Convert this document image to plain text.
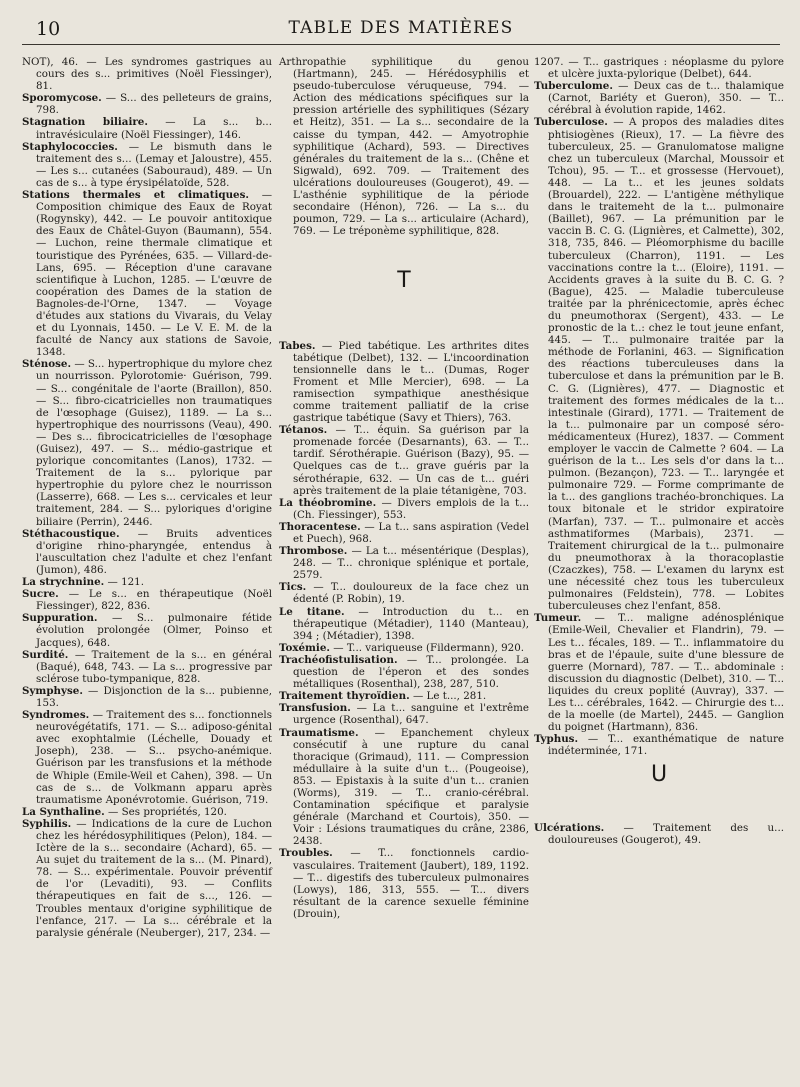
10	TABLE DES MATIÈRES

NOT), 46. — Les syndromes gastriques au cours des s... primitives (Noël Fiessinger), 81.

Sporomycose. — S... des pelleteurs de grains, 798.

Stagnation biliaire. — La s... b... intravésiculaire (Noël Fiessinger), 146.

Staphylococcies. — Le bismuth dans le traitement des s... (Lemay et Jaloustre), 455. — Les s... cutanées (Sabouraud), 489. — Un cas de s... à type érysipélatoïde, 528.

Stations thermales et climatiques. — Composition chimique des Eaux de Royat (Rogynsky), 442. — Le pouvoir antitoxique des Eaux de Châtel-Guyon (Baumann), 554. — Luchon, reine thermale climatique et touristique des Pyrénées, 635. — Villard-de-Lans, 695. — Réception d'une caravane scientifique à Luchon, 1285. — L'œuvre de coopération des Dames de la station de Bagnoles-de-l'Orne, 1347. — Voyage d'études aux stations du Vivarais, du Velay et du Lyonnais, 1450. — Le V. E. M. de la faculté de Nancy aux stations de Savoie, 1348.

Sténose. — S... hypertrophique du mylore chez un nourrisson. Pylorotomie· Guérison, 799. — S... congénitale de l'aorte (Braillon), 850. — S... fibro-cicatricielles non traumatiques de l'œsophage (Guisez), 1189. — La s... hypertrophique des nourrissons (Veau), 490. — Des s... fibrocicatricielles de l'œsophage (Guisez), 497. — S... médio-gastrique et pylorique concomitantes (Lanos), 1732. — Traitement de la s... pylorique par hypertrophie du pylore chez le nourrisson (Lasserre), 668. — Les s... cervicales et leur traitement, 284. — S... pyloriques d'origine biliaire (Perrin), 2446.

Stéthacoustique. — Bruits adventices d'origine rhino-pharyngée, entendus à l'auscultation chez l'adulte et chez l'enfant (Jumon), 486.

La strychnine. — 121.

Sucre. — Le s... en thérapeutique (Noël Fiessinger), 822, 836.

Suppuration. — S... pulmonaire fétide évolution prolongée (Olmer, Poinso et Jacques), 648.

Surdité. — Traitement de la s... en général (Baqué), 648, 743. — La s... progressive par sclérose tubo-tympanique, 828.

Symphyse. — Disjonction de la s... pubienne, 153.

Syndromes. — Traitement des s... fonctionnels neurovégétatifs, 171. — S... adiposo-génital avec exophtalmie (Léchelle, Douady et Joseph), 238. — S... psycho-anémique. Guérison par les transfusions et la méthode de Whiple (Emile-Weil et Cahen), 398. — Un cas de s... de Volkmann apparu après traumatisme Aponévrotomie. Guérison, 719.

La Synthaline. — Ses propriétés, 120.

Syphilis. — Indications de la cure de Luchon chez les hérédosyphilitiques (Pelon), 184. — Ictère de la s... secondaire (Achard), 65. — Au sujet du traitement de la s... (M. Pinard), 78. — S... expérimentale. Pouvoir préventif de l'or (Levaditi), 93. — Conflits thérapeutiques en fait de s..., 126. — Troubles mentaux d'origine syphilitique de l'enfance, 217. — La s... cérébrale et la paralysie générale (Neuberger), 217, 234. —

Arthropathie syphilitique du genou (Hartmann), 245. — Hérédosyphilis et pseudo-tuberculose véruqueuse, 794. — Action des médications spécifiques sur la pression artérielle des syphilitiques (Sézary et Heitz), 351. — La s... secondaire de la caisse du tympan, 442. — Amyotrophie syphilitique (Achard), 593. — Directives générales du traitement de la s... (Chêne et Sigwald), 692. 709. — Traitement des ulcérations douloureuses (Gougerot), 49. — L'asthénie syphilitique de la période secondaire (Hénon), 726. — La s... du poumon, 729. — La s... articulaire (Achard), 769. — Le tréponème syphilitique, 828.

T

Tabes. — Pied tabétique. Les arthrites dites tabétique (Delbet), 132. — L'incoordination tensionnelle dans le t... (Dumas, Roger Froment et Mlle Mercier), 698. — La ramisection sympathique anesthésique comme traitement palliatif de la crise gastrique tabétique (Savy et Thiers), 763.

Tétanos. — T... équin. Sa guérison par la promenade forcée (Desarnants), 63. — T... tardif. Sérothérapie. Guérison (Bazy), 95. — Quelques cas de t... grave guéris par la sérothérapie, 632. — Un cas de t... guéri après traitement de la plaie tétanigène, 703.

La théobromine. — Divers emplois de la t... (Ch. Fiessinger), 553.

Thoracentese. — La t... sans aspiration (Vedel et Puech), 968.

Thrombose. — La t... mésentérique (Desplas), 248. — T... chronique splénique et portale, 2579.

Tics. — T... douloureux de la face chez un édenté (P. Robin), 19.

Le titane. — Introduction du t... en thérapeutique (Métadier), 1140 (Manteau), 394 ; (Métadier), 1398.

Toxémie. — T... variqueuse (Fildermann), 920.

Trachéofistulisation. — T... prolongée. La question de l'éperon et des sondes métalliques (Rosenthal), 238, 287, 510.

Traitement thyroïdien. — Le t..., 281.

Transfusion. — La t... sanguine et l'extrême urgence (Rosenthal), 647.

Traumatisme. — Epanchement chyleux consécutif à une rupture du canal thoracique (Grimaud), 111. — Compression médullaire à la suite d'un t... (Pougeoise), 853. — Epistaxis à la suite d'un t... cranien (Worms), 319. — T... cranio-cérébral. Contamination spécifique et paralysie générale (Marchand et Courtois), 350. — Voir : Lésions traumatiques du crâne, 2386, 2438.

Troubles. — T... fonctionnels cardio-vasculaires. Traitement (Jaubert), 189, 1192. — T... digestifs des tuberculeux pulmonaires (Lowys), 186, 313, 555. — T... divers résultant de la carence sexuelle féminine (Drouin),

1207. — T... gastriques : néoplasme du pylore et ulcère juxta-pylorique (Delbet), 644.

Tuberculome. — Deux cas de t... thalamique (Carnot, Bariéty et Gueron), 350. — T... cérébral à évolution rapide, 1462.

Tuberculose. — A propos des maladies dites phtisiogènes (Rieux), 17. — La fièvre des tuberculeux, 25. — Granulomatose maligne chez un tuberculeux (Marchal, Moussoir et Tchou), 95. — T... et grossesse (Hervouet), 448. — La t... et les jeunes soldats (Brouardel), 222. — L'antigène méthylique dans le traitemeht de la t... pulmonaire (Baillet), 967. — La prémunition par le vaccin B. C. G. (Lignières, et Calmette), 302, 318, 735, 846. — Pléomorphisme du bacille tuberculeux (Charron), 1191. — Les vaccinations contre la t... (Eloire), 1191. — Accidents graves à la suite du B. C. G. ? (Bague), 425. — Maladie tuberculeuse traitée par la phrénicectomie, après échec du pneumothorax (Sergent), 433. — Le pronostic de la t..: chez le tout jeune enfant, 445. — T... pulmonaire traitée par la méthode de Forlanini, 463. — Signification des réactions tuberculeuses dans la tuberculose et dans la prémunition par le B. C. G. (Lignières), 477. — Diagnostic et traitement des formes médicales de la t... intestinale (Girard), 1771. — Traitement de la t... pulmonaire par un composé séro-médicamenteux (Hurez), 1837. — Comment employer le vaccin de Calmette ? 604. — La guérison de la t... Les sels d'or dans la t... pulmon. (Bezançon), 723. — T... laryngée et pulmonaire 729. — Forme comprimante de la t... des ganglions trachéo-bronchiques. La toux bitonale et le stridor expiratoire (Marfan), 737. — T... pulmonaire et accès asthmatiformes (Marbais), 2371. — Traitement chirurgical de la t... pulmonaire du pneumothorax à la thoracoplastie (Czaczkes), 758. — L'examen du larynx est une nécessité chez tous les tuberculeux pulmonaires (Feldstein), 778. — Lobites tuberculeuses chez l'enfant, 858.

Tumeur. — T... maligne adénosplénique (Emile-Weil, Chevalier et Flandrin), 79. — Les t... fécales, 189. — T... inflammatoire du bras et de l'épaule, suite d'une blessure de guerre (Mornard), 787. — T... abdominale : discussion du diagnostic (Delbet), 310. — T... liquides du creux poplité (Auvray), 337. — Les t... cérébrales, 1642. — Chirurgie des t... de la moelle (de Martel), 2445. — Ganglion du poignet (Hartmann), 836.

Typhus. — T... exanthématique de nature indéterminée, 171.

U

Ulcérations. — Traitement des u... douloureuses (Gougerot), 49.
